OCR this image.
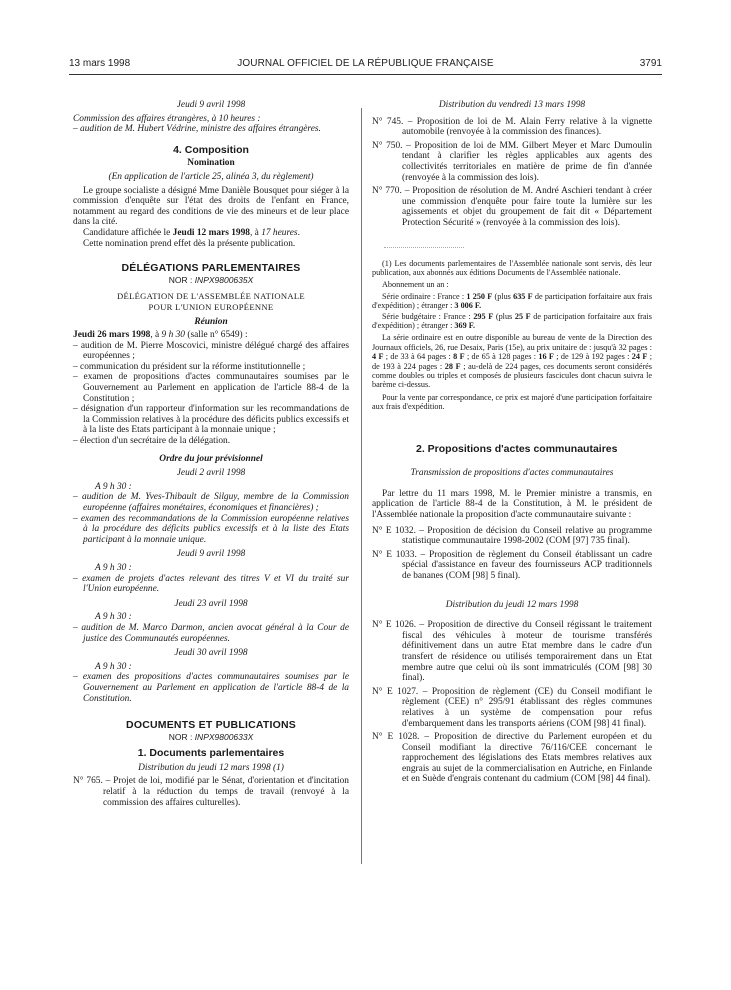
13 mars 1998	JOURNAL OFFICIEL DE LA RÉPUBLIQUE FRANÇAISE	3791
Jeudi 9 avril 1998

Commission des affaires étrangères, à 10 heures :

– audition de M. Hubert Védrine, ministre des affaires étrangères.

4. Composition
Nomination
(En application de l'article 25, alinéa 3, du règlement)

Le groupe socialiste a désigné Mme Danièle Bousquet pour siéger à la commission d'enquête sur l'état des droits de l'enfant en France, notamment au regard des conditions de vie des mineurs et de leur place dans la cité.

Candidature affichée le Jeudi 12 mars 1998, à 17 heures.

Cette nomination prend effet dès la présente publication.

DÉLÉGATIONS PARLEMENTAIRES
NOR : INPX9800635X
DÉLÉGATION DE L'ASSEMBLÉE NATIONALE
POUR L'UNION EUROPÉENNE
Réunion

Jeudi 26 mars 1998, à 9 h 30 (salle n° 6549) :

– audition de M. Pierre Moscovici, ministre délégué chargé des affaires européennes ;

– communication du président sur la réforme institutionnelle ;

– examen de propositions d'actes communautaires soumises par le Gouvernement au Parlement en application de l'article 88-4 de la Constitution ;

– désignation d'un rapporteur d'information sur les recommandations de la Commission relatives à la procédure des déficits publics excessifs et à la liste des Etats participant à la monnaie unique ;

– élection d'un secrétaire de la délégation.

Ordre du jour prévisionnel
Jeudi 2 avril 1998

A 9 h 30 :

– audition de M. Yves-Thibault de Silguy, membre de la Commission européenne (affaires monétaires, économiques et financières) ;

– examen des recommandations de la Commission européenne relatives à la procédure des déficits publics excessifs et à la liste des Etats participant à la monnaie unique.

Jeudi 9 avril 1998

A 9 h 30 :

– examen de projets d'actes relevant des titres V et VI du traité sur l'Union européenne.

Jeudi 23 avril 1998

A 9 h 30 :

– audition de M. Marco Darmon, ancien avocat général à la Cour de justice des Communautés européennes.

Jeudi 30 avril 1998

A 9 h 30 :

– examen des propositions d'actes communautaires soumises par le Gouvernement au Parlement en application de l'article 88-4 de la Constitution.

DOCUMENTS ET PUBLICATIONS
NOR : INPX9800633X
1. Documents parlementaires
Distribution du jeudi 12 mars 1998 (1)

N° 765. – Projet de loi, modifié par le Sénat, d'orientation et d'incitation relatif à la réduction du temps de travail (renvoyé à la commission des affaires culturelles).

Distribution du vendredi 13 mars 1998

N° 745. – Proposition de loi de M. Alain Ferry relative à la vignette automobile (renvoyée à la commission des finances).

N° 750. – Proposition de loi de MM. Gilbert Meyer et Marc Dumoulin tendant à clarifier les règles applicables aux agents des collectivités territoriales en matière de prime de fin d'année (renvoyée à la commission des lois).

N° 770. – Proposition de résolution de M. André Aschieri tendant à créer une commission d'enquête pour faire toute la lumière sur les agissements et objet du groupement de fait dit « Département Protection Sécurité » (renvoyée à la commission des lois).

(1) Les documents parlementaires de l'Assemblée nationale sont servis, dès leur publication, aux abonnés aux éditions Documents de l'Assemblée nationale.

Abonnement un an :

Série ordinaire : France : 1 250 F (plus 635 F de participation forfaitaire aux frais d'expédition) ; étranger : 3 006 F.

Série budgétaire : France : 295 F (plus 25 F de participation forfaitaire aux frais d'expédition) ; étranger : 369 F.

La série ordinaire est en outre disponible au bureau de vente de la Direction des Journaux officiels, 26, rue Desaix, Paris (15e), au prix unitaire de : jusqu'à 32 pages : 4 F ; de 33 à 64 pages : 8 F ; de 65 à 128 pages : 16 F ; de 129 à 192 pages : 24 F ; de 193 à 224 pages : 28 F ; au-delà de 224 pages, ces documents seront considérés comme doubles ou triples et composés de plusieurs fascicules dont chacun suivra le barème ci-dessus.

Pour la vente par correspondance, ce prix est majoré d'une participation forfaitaire aux frais d'expédition.

2. Propositions d'actes communautaires
Transmission de propositions d'actes communautaires

Par lettre du 11 mars 1998, M. le Premier ministre a transmis, en application de l'article 88-4 de la Constitution, à M. le président de l'Assemblée nationale la proposition d'acte communautaire suivante :

N° E 1032. – Proposition de décision du Conseil relative au programme statistique communautaire 1998-2002 (COM [97] 735 final).

N° E 1033. – Proposition de règlement du Conseil établissant un cadre spécial d'assistance en faveur des fournisseurs ACP traditionnels de bananes (COM [98] 5 final).

Distribution du jeudi 12 mars 1998

N° E 1026. – Proposition de directive du Conseil régissant le traitement fiscal des véhicules à moteur de tourisme transférés définitivement dans un autre Etat membre dans le cadre d'un transfert de résidence ou utilisés temporairement dans un Etat membre autre que celui où ils sont immatriculés (COM [98] 30 final).

N° E 1027. – Proposition de règlement (CE) du Conseil modifiant le règlement (CEE) n° 295/91 établissant des règles communes relatives à un système de compensation pour refus d'embarquement dans les transports aériens (COM [98] 41 final).

N° E 1028. – Proposition de directive du Parlement européen et du Conseil modifiant la directive 76/116/CEE concernant le rapprochement des législations des Etats membres relatives aux engrais au sujet de la commercialisation en Autriche, en Finlande et en Suède d'engrais contenant du cadmium (COM [98] 44 final).
